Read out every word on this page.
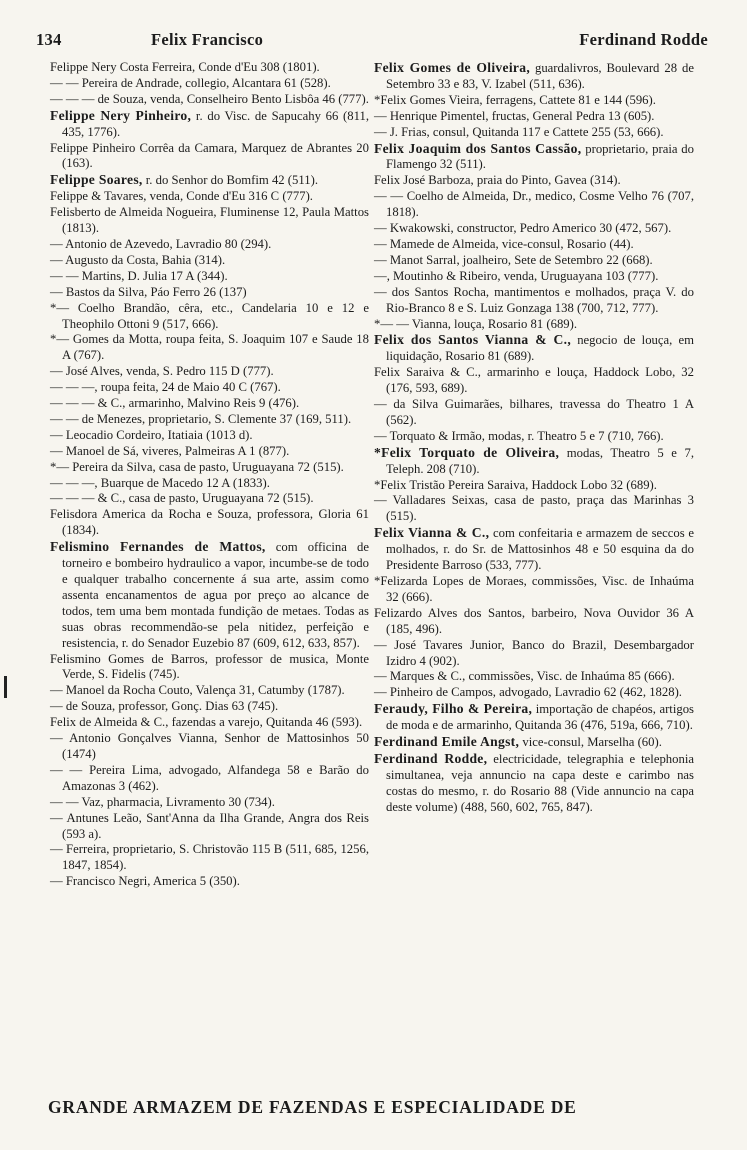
134	Felix Francisco	Ferdinand Rodde

Felippe Nery Costa Ferreira, Conde d'Eu 308 (1801).

— — Pereira de Andrade, collegio, Alcantara 61 (528).

— — — de Souza, venda, Conselheiro Bento Lisbôa 46 (777).

Felippe Nery Pinheiro, r. do Visc. de Sapucahy 66 (811, 435, 1776).

Felippe Pinheiro Corrêa da Camara, Marquez de Abrantes 20 (163).

Felippe Soares, r. do Senhor do Bomfim 42 (511).

Felippe & Tavares, venda, Conde d'Eu 316 C (777).

Felisberto de Almeida Nogueira, Fluminense 12, Paula Mattos (1813).

— Antonio de Azevedo, Lavradio 80 (294).

— Augusto da Costa, Bahia (314).

— — Martins, D. Julia 17 A (344).

— Bastos da Silva, Páo Ferro 26 (137)

*— Coelho Brandão, cêra, etc., Candelaria 10 e 12 e Theophilo Ottoni 9 (517, 666).

*— Gomes da Motta, roupa feita, S. Joaquim 107 e Saude 18 A (767).

— José Alves, venda, S. Pedro 115 D (777).

— — —, roupa feita, 24 de Maio 40 C (767).

— — — & C., armarinho, Malvino Reis 9 (476).

— — de Menezes, proprietario, S. Clemente 37 (169, 511).

— Leocadio Cordeiro, Itatiaia (1013 d).

— Manoel de Sá, viveres, Palmeiras A 1 (877).

*— Pereira da Silva, casa de pasto, Uruguayana 72 (515).

— — —, Buarque de Macedo 12 A (1833).

— — — & C., casa de pasto, Uruguayana 72 (515).

Felisdora America da Rocha e Souza, professora, Gloria 61 (1834).

Felismino Fernandes de Mattos, com officina de torneiro e bombeiro hydraulico a vapor, incumbe-se de todo e qualquer trabalho concernente á sua arte, assim como assenta encanamentos de agua por preço ao alcance de todos, tem uma bem montada fundição de metaes. Todas as suas obras recommendão-se pela nitidez, perfeição e resistencia, r. do Senador Euzebio 87 (609, 612, 633, 857).

Felismino Gomes de Barros, professor de musica, Monte Verde, S. Fidelis (745).

— Manoel da Rocha Couto, Valença 31, Catumby (1787).

— de Souza, professor, Gonç. Dias 63 (745).

Felix de Almeida & C., fazendas a varejo, Quitanda 46 (593).

— Antonio Gonçalves Vianna, Senhor de Mattosinhos 50 (1474)

— — Pereira Lima, advogado, Alfandega 58 e Barão do Amazonas 3 (462).

— — Vaz, pharmacia, Livramento 30 (734).

— Antunes Leão, Sant'Anna da Ilha Grande, Angra dos Reis (593 a).

— Ferreira, proprietario, S. Christovão 115 B (511, 685, 1256, 1847, 1854).

— Francisco Negri, America 5 (350).

Felix Gomes de Oliveira, guardalivros, Boulevard 28 de Setembro 33 e 83, V. Izabel (511, 636).

*Felix Gomes Vieira, ferragens, Cattete 81 e 144 (596).

— Henrique Pimentel, fructas, General Pedra 13 (605).

— J. Frias, consul, Quitanda 117 e Cattete 255 (53, 666).

Felix Joaquim dos Santos Cassão, proprietario, praia do Flamengo 32 (511).

Felix José Barboza, praia do Pinto, Gavea (314).

— — Coelho de Almeida, Dr., medico, Cosme Velho 76 (707, 1818).

— Kwakowski, constructor, Pedro Americo 30 (472, 567).

— Mamede de Almeida, vice-consul, Rosario (44).

— Manot Sarral, joalheiro, Sete de Setembro 22 (668).

—, Moutinho & Ribeiro, venda, Uruguayana 103 (777).

— dos Santos Rocha, mantimentos e molhados, praça V. do Rio-Branco 8 e S. Luiz Gonzaga 138 (700, 712, 777).

*— — Vianna, louça, Rosario 81 (689).

Felix dos Santos Vianna & C., negocio de louça, em liquidação, Rosario 81 (689).

Felix Saraiva & C., armarinho e louça, Haddock Lobo, 32 (176, 593, 689).

— da Silva Guimarães, bilhares, travessa do Theatro 1 A (562).

— Torquato & Irmão, modas, r. Theatro 5 e 7 (710, 766).

*Felix Torquato de Oliveira, modas, Theatro 5 e 7, Teleph. 208 (710).

*Felix Tristão Pereira Saraiva, Haddock Lobo 32 (689).

— Valladares Seixas, casa de pasto, praça das Marinhas 3 (515).

Felix Vianna & C., com confeitaria e armazem de seccos e molhados, r. do Sr. de Mattosinhos 48 e 50 esquina da do Presidente Barroso (533, 777).

*Felizarda Lopes de Moraes, commissões, Visc. de Inhaúma 32 (666).

Felizardo Alves dos Santos, barbeiro, Nova Ouvidor 36 A (185, 496).

— José Tavares Junior, Banco do Brazil, Desembargador Izidro 4 (902).

— Marques & C., commissões, Visc. de Inhaúma 85 (666).

— Pinheiro de Campos, advogado, Lavradio 62 (462, 1828).

Feraudy, Filho & Pereira, importação de chapéos, artigos de moda e de armarinho, Quitanda 36 (476, 519a, 666, 710).

Ferdinand Emile Angst, vice-consul, Marselha (60).

Ferdinand Rodde, electricidade, telegraphia e telephonia simultanea, veja annuncio na capa deste e carimbo nas costas do mesmo, r. do Rosario 88 (Vide annuncio na capa deste volume) (488, 560, 602, 765, 847).

GRANDE ARMAZEM DE FAZENDAS E ESPECIALIDADE DE
